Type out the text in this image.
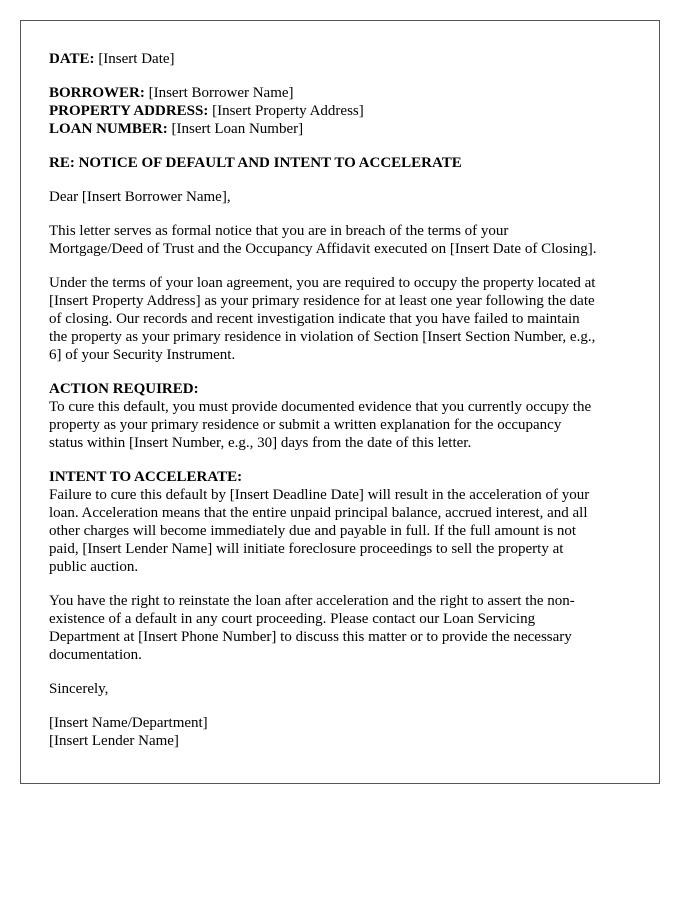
DATE: [Insert Date]
BORROWER: [Insert Borrower Name]
PROPERTY ADDRESS: [Insert Property Address]
LOAN NUMBER: [Insert Loan Number]
RE: NOTICE OF DEFAULT AND INTENT TO ACCELERATE
Dear [Insert Borrower Name],
This letter serves as formal notice that you are in breach of the terms of your
Mortgage/Deed of Trust and the Occupancy Affidavit executed on [Insert Date of Closing].
Under the terms of your loan agreement, you are required to occupy the property located at
[Insert Property Address] as your primary residence for at least one year following the date
of closing. Our records and recent investigation indicate that you have failed to maintain
the property as your primary residence in violation of Section [Insert Section Number, e.g.,
6] of your Security Instrument.
ACTION REQUIRED:
To cure this default, you must provide documented evidence that you currently occupy the
property as your primary residence or submit a written explanation for the occupancy
status within [Insert Number, e.g., 30] days from the date of this letter.
INTENT TO ACCELERATE:
Failure to cure this default by [Insert Deadline Date] will result in the acceleration of your
loan. Acceleration means that the entire unpaid principal balance, accrued interest, and all
other charges will become immediately due and payable in full. If the full amount is not
paid, [Insert Lender Name] will initiate foreclosure proceedings to sell the property at
public auction.
You have the right to reinstate the loan after acceleration and the right to assert the non-
existence of a default in any court proceeding. Please contact our Loan Servicing
Department at [Insert Phone Number] to discuss this matter or to provide the necessary
documentation.
Sincerely,
[Insert Name/Department]
[Insert Lender Name]
